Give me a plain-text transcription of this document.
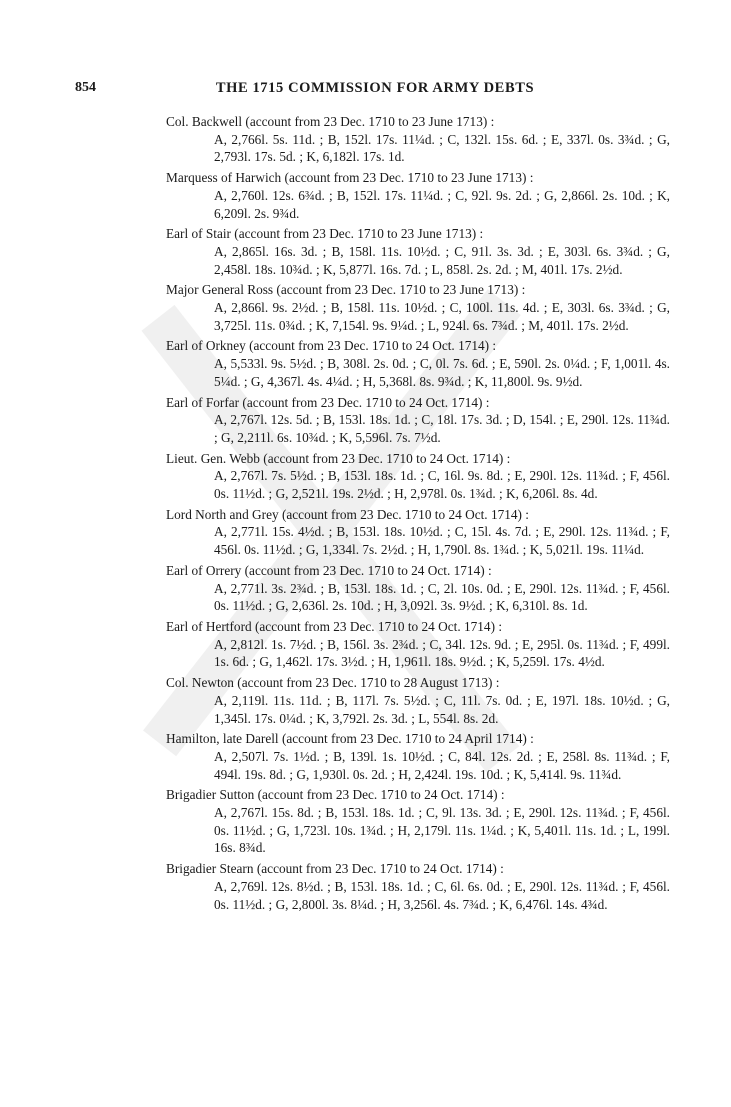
854	THE 1715 COMMISSION FOR ARMY DEBTS
Col. Backwell (account from 23 Dec. 1710 to 23 June 1713) :
A, 2,766l. 5s. 11d. ; B, 152l. 17s. 11¼d. ; C, 132l. 15s. 6d. ; E, 337l. 0s. 3¾d. ; G, 2,793l. 17s. 5d. ; K, 6,182l. 17s. 1d.
Marquess of Harwich (account from 23 Dec. 1710 to 23 June 1713) :
A, 2,760l. 12s. 6¾d. ; B, 152l. 17s. 11¼d. ; C, 92l. 9s. 2d. ; G, 2,866l. 2s. 10d. ; K, 6,209l. 2s. 9¾d.
Earl of Stair (account from 23 Dec. 1710 to 23 June 1713) :
A, 2,865l. 16s. 3d. ; B, 158l. 11s. 10½d. ; C, 91l. 3s. 3d. ; E, 303l. 6s. 3¾d. ; G, 2,458l. 18s. 10¾d. ; K, 5,877l. 16s. 7d. ; L, 858l. 2s. 2d. ; M, 401l. 17s. 2½d.
Major General Ross (account from 23 Dec. 1710 to 23 June 1713) :
A, 2,866l. 9s. 2½d. ; B, 158l. 11s. 10½d. ; C, 100l. 11s. 4d. ; E, 303l. 6s. 3¾d. ; G, 3,725l. 11s. 0¾d. ; K, 7,154l. 9s. 9¼d. ; L, 924l. 6s. 7¾d. ; M, 401l. 17s. 2½d.
Earl of Orkney (account from 23 Dec. 1710 to 24 Oct. 1714) :
A, 5,533l. 9s. 5½d. ; B, 308l. 2s. 0d. ; C, 0l. 7s. 6d. ; E, 590l. 2s. 0¼d. ; F, 1,001l. 4s. 5¼d. ; G, 4,367l. 4s. 4¼d. ; H, 5,368l. 8s. 9¾d. ; K, 11,800l. 9s. 9½d.
Earl of Forfar (account from 23 Dec. 1710 to 24 Oct. 1714) :
A, 2,767l. 12s. 5d. ; B, 153l. 18s. 1d. ; C, 18l. 17s. 3d. ; D, 154l. ; E, 290l. 12s. 11¾d. ; G, 2,211l. 6s. 10¾d. ; K, 5,596l. 7s. 7½d.
Lieut. Gen. Webb (account from 23 Dec. 1710 to 24 Oct. 1714) :
A, 2,767l. 7s. 5½d. ; B, 153l. 18s. 1d. ; C, 16l. 9s. 8d. ; E, 290l. 12s. 11¾d. ; F, 456l. 0s. 11½d. ; G, 2,521l. 19s. 2½d. ; H, 2,978l. 0s. 1¾d. ; K, 6,206l. 8s. 4d.
Lord North and Grey (account from 23 Dec. 1710 to 24 Oct. 1714) :
A, 2,771l. 15s. 4½d. ; B, 153l. 18s. 10½d. ; C, 15l. 4s. 7d. ; E, 290l. 12s. 11¾d. ; F, 456l. 0s. 11½d. ; G, 1,334l. 7s. 2½d. ; H, 1,790l. 8s. 1¾d. ; K, 5,021l. 19s. 11¼d.
Earl of Orrery (account from 23 Dec. 1710 to 24 Oct. 1714) :
A, 2,771l. 3s. 2¾d. ; B, 153l. 18s. 1d. ; C, 2l. 10s. 0d. ; E, 290l. 12s. 11¾d. ; F, 456l. 0s. 11½d. ; G, 2,636l. 2s. 10d. ; H, 3,092l. 3s. 9½d. ; K, 6,310l. 8s. 1d.
Earl of Hertford (account from 23 Dec. 1710 to 24 Oct. 1714) :
A, 2,812l. 1s. 7½d. ; B, 156l. 3s. 2¾d. ; C, 34l. 12s. 9d. ; E, 295l. 0s. 11¾d. ; F, 499l. 1s. 6d. ; G, 1,462l. 17s. 3½d. ; H, 1,961l. 18s. 9½d. ; K, 5,259l. 17s. 4½d.
Col. Newton (account from 23 Dec. 1710 to 28 August 1713) :
A, 2,119l. 11s. 11d. ; B, 117l. 7s. 5½d. ; C, 11l. 7s. 0d. ; E, 197l. 18s. 10½d. ; G, 1,345l. 17s. 0¼d. ; K, 3,792l. 2s. 3d. ; L, 554l. 8s. 2d.
Hamilton, late Darell (account from 23 Dec. 1710 to 24 April 1714) :
A, 2,507l. 7s. 1½d. ; B, 139l. 1s. 10½d. ; C, 84l. 12s. 2d. ; E, 258l. 8s. 11¾d. ; F, 494l. 19s. 8d. ; G, 1,930l. 0s. 2d. ; H, 2,424l. 19s. 10d. ; K, 5,414l. 9s. 11¾d.
Brigadier Sutton (account from 23 Dec. 1710 to 24 Oct. 1714) :
A, 2,767l. 15s. 8d. ; B, 153l. 18s. 1d. ; C, 9l. 13s. 3d. ; E, 290l. 12s. 11¾d. ; F, 456l. 0s. 11½d. ; G, 1,723l. 10s. 1¾d. ; H, 2,179l. 11s. 1¼d. ; K, 5,401l. 11s. 1d. ; L, 199l. 16s. 8¾d.
Brigadier Stearn (account from 23 Dec. 1710 to 24 Oct. 1714) :
A, 2,769l. 12s. 8½d. ; B, 153l. 18s. 1d. ; C, 6l. 6s. 0d. ; E, 290l. 12s. 11¾d. ; F, 456l. 0s. 11½d. ; G, 2,800l. 3s. 8¼d. ; H, 3,256l. 4s. 7¾d. ; K, 6,476l. 14s. 4¾d.
